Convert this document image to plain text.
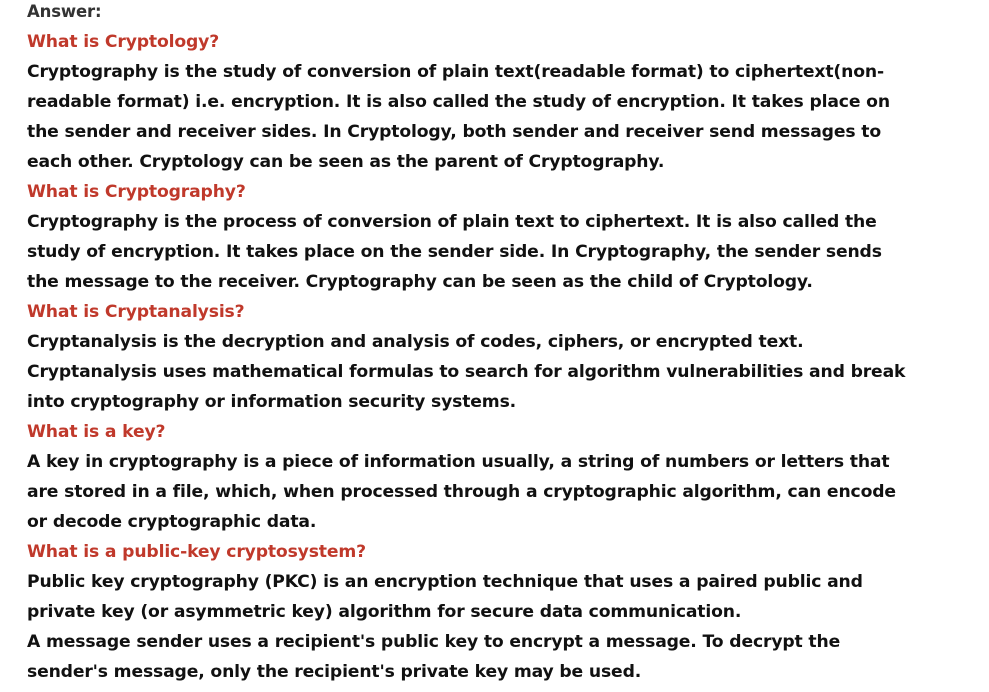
Answer:
What is Cryptology?

Cryptography is the study of conversion of plain text(readable format) to ciphertext(non-readable format) i.e. encryption. It is also called the study of encryption. It takes place on the sender and receiver sides. In Cryptology, both sender and receiver send messages to each other. Cryptology can be seen as the parent of Cryptography.

What is Cryptography?

Cryptography is the process of conversion of plain text to ciphertext. It is also called the study of encryption. It takes place on the sender side. In Cryptography, the sender sends the message to the receiver. Cryptography can be seen as the child of Cryptology.

What is Cryptanalysis?

Cryptanalysis is the decryption and analysis of codes, ciphers, or encrypted text. Cryptanalysis uses mathematical formulas to search for algorithm vulnerabilities and break into cryptography or information security systems.

What is a key?

A key in cryptography is a piece of information usually, a string of numbers or letters that are stored in a file, which, when processed through a cryptographic algorithm, can encode or decode cryptographic data.

What is a public-key cryptosystem?

Public key cryptography (PKC) is an encryption technique that uses a paired public and private key (or asymmetric key) algorithm for secure data communication.

A message sender uses a recipient's public key to encrypt a message. To decrypt the sender's message, only the recipient's private key may be used.
